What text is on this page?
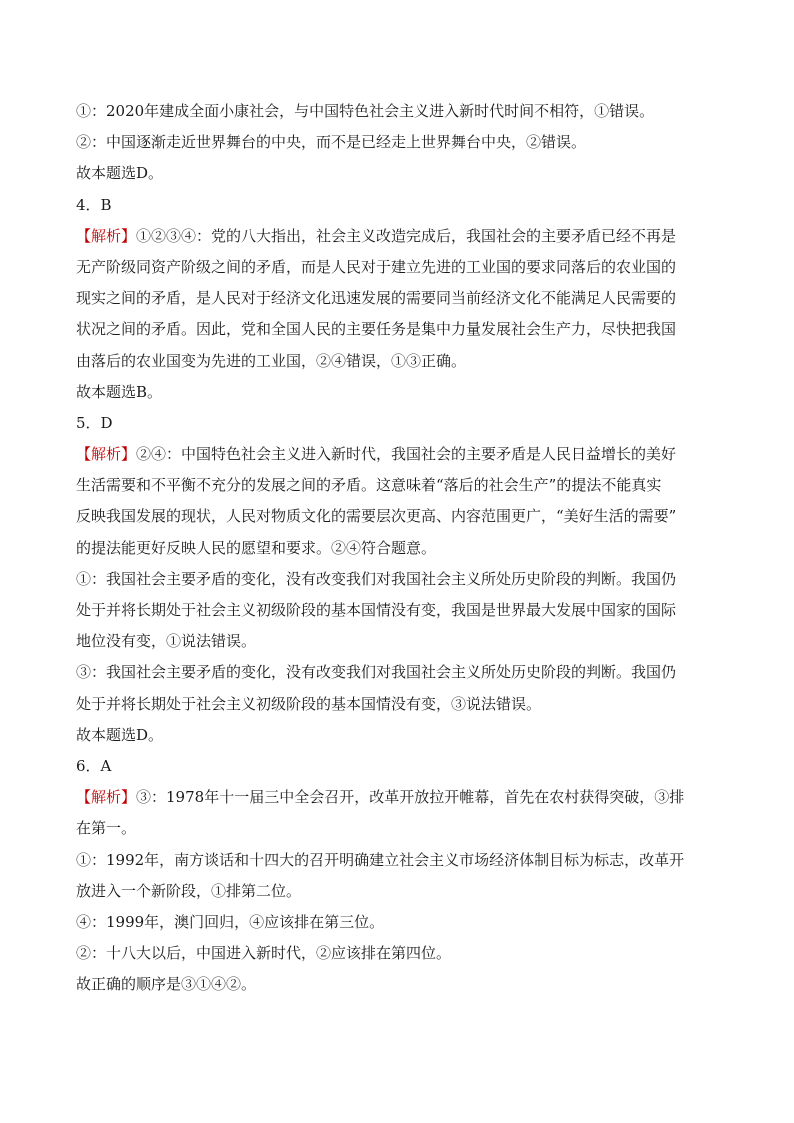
①：2020年建成全面小康社会，与中国特色社会主义进入新时代时间不相符，①错误。
②：中国逐渐走近世界舞台的中央，而不是已经走上世界舞台中央，②错误。
故本题选D。
4．B
【解析】①②③④：党的八大指出，社会主义改造完成后，我国社会的主要矛盾已经不再是
无产阶级同资产阶级之间的矛盾，而是人民对于建立先进的工业国的要求同落后的农业国的
现实之间的矛盾，是人民对于经济文化迅速发展的需要同当前经济文化不能满足人民需要的
状况之间的矛盾。因此，党和全国人民的主要任务是集中力量发展社会生产力，尽快把我国
由落后的农业国变为先进的工业国，②④错误，①③正确。
故本题选B。
5．D
【解析】②④：中国特色社会主义进入新时代，我国社会的主要矛盾是人民日益增长的美好
生活需要和不平衡不充分的发展之间的矛盾。这意味着“落后的社会生产”的提法不能真实
反映我国发展的现状，人民对物质文化的需要层次更高、内容范围更广，“美好生活的需要”
的提法能更好反映人民的愿望和要求。②④符合题意。
①：我国社会主要矛盾的变化，没有改变我们对我国社会主义所处历史阶段的判断。我国仍
处于并将长期处于社会主义初级阶段的基本国情没有变，我国是世界最大发展中国家的国际
地位没有变，①说法错误。
③：我国社会主要矛盾的变化，没有改变我们对我国社会主义所处历史阶段的判断。我国仍
处于并将长期处于社会主义初级阶段的基本国情没有变，③说法错误。
故本题选D。
6．A
【解析】③：1978年十一届三中全会召开，改革开放拉开帷幕，首先在农村获得突破，③排
在第一。
①：1992年，南方谈话和十四大的召开明确建立社会主义市场经济体制目标为标志，改革开
放进入一个新阶段，①排第二位。
④：1999年，澳门回归，④应该排在第三位。
②：十八大以后，中国进入新时代，②应该排在第四位。
故正确的顺序是③①④②。
